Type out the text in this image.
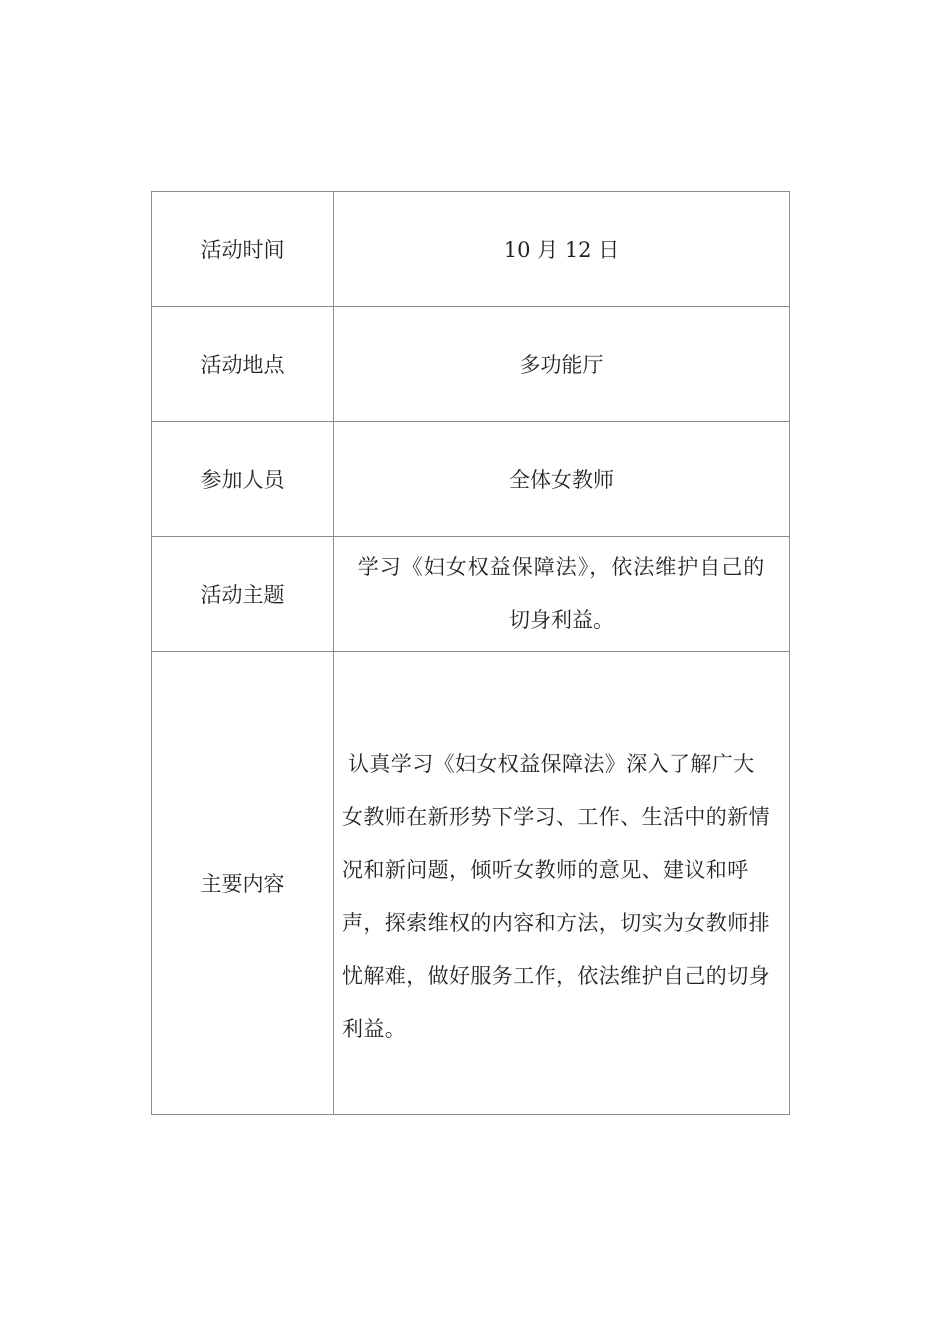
活动时间	10 月 12 日
活动地点	多功能厅
参加人员	全体女教师
活动主题	学习《妇女权益保障法》，依法维护自己的
切身利益。

主要内容	认真学习《妇女权益保障法》深入了解广大女教师在新形势下学习、工作、生活中的新情况和新问题，倾听女教师的意见、建议和呼声，探索维权的内容和方法，切实为女教师排忧解难，做好服务工作，依法维护自己的切身利益。
